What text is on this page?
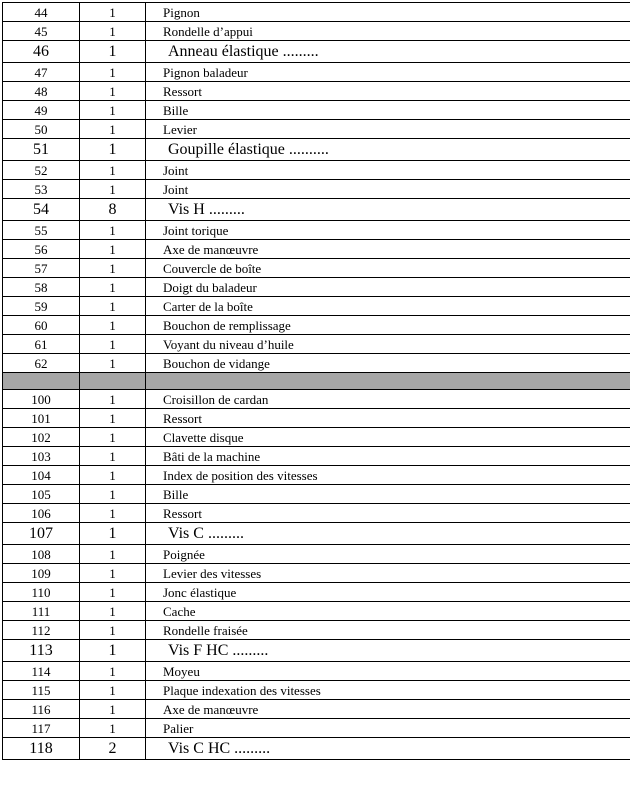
44	1	Pignon
45	1	Rondelle d’appui
46	1	Anneau élastique .........
47	1	Pignon baladeur
48	1	Ressort
49	1	Bille
50	1	Levier
51	1	Goupille élastique ..........
52	1	Joint
53	1	Joint
54	8	Vis H .........
55	1	Joint torique
56	1	Axe de manœuvre
57	1	Couvercle de boîte
58	1	Doigt du baladeur
59	1	Carter de la boîte
60	1	Bouchon de remplissage
61	1	Voyant du niveau d’huile
62	1	Bouchon de vidange

100	1	Croisillon de cardan
101	1	Ressort
102	1	Clavette disque
103	1	Bâti de la machine
104	1	Index de position des vitesses
105	1	Bille
106	1	Ressort
107	1	Vis C .........
108	1	Poignée
109	1	Levier des vitesses
110	1	Jonc élastique
111	1	Cache
112	1	Rondelle fraisée
113	1	Vis F HC .........
114	1	Moyeu
115	1	Plaque indexation des vitesses
116	1	Axe de manœuvre
117	1	Palier
118	2	Vis C HC .........
